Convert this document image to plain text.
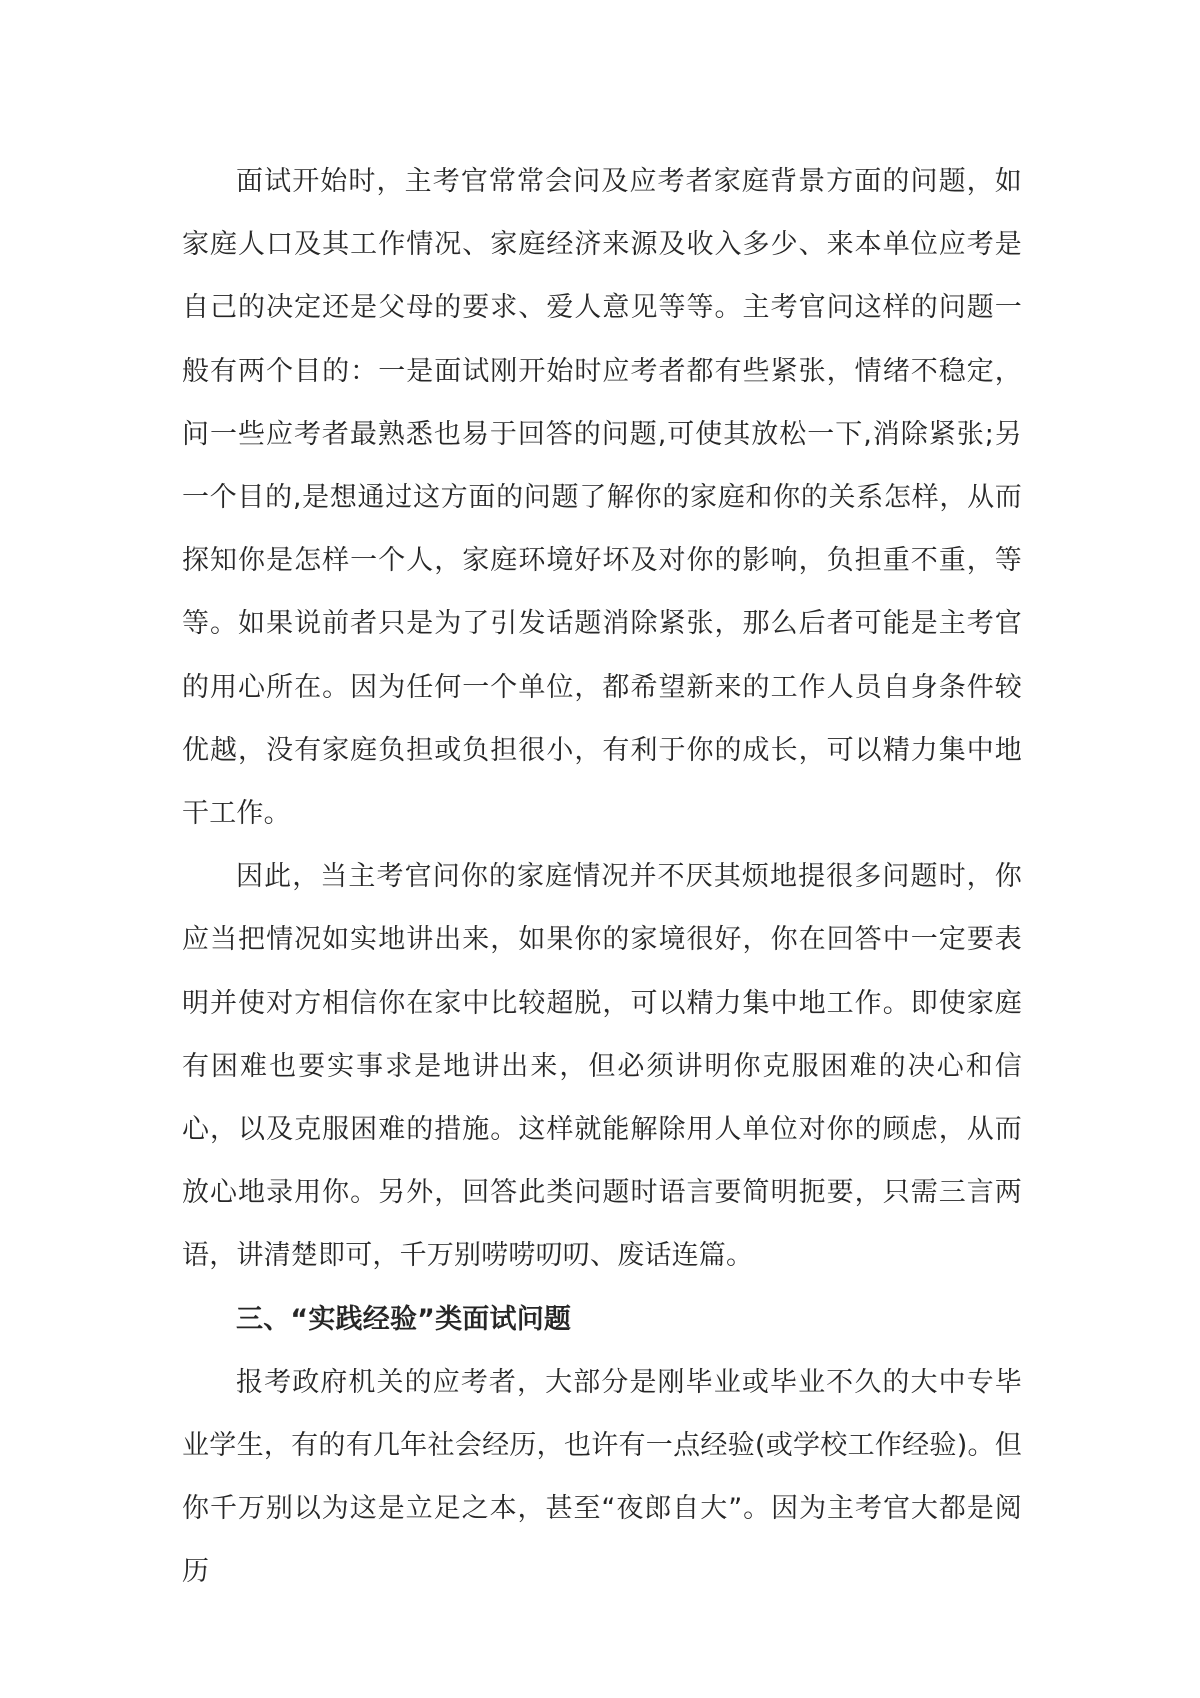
面试开始时，主考官常常会问及应考者家庭背景方面的问题，如家庭人口及其工作情况、家庭经济来源及收入多少、来本单位应考是自己的决定还是父母的要求、爱人意见等等。主考官问这样的问题一般有两个目的：一是面试刚开始时应考者都有些紧张，情绪不稳定，问一些应考者最熟悉也易于回答的问题,可使其放松一下,消除紧张;另一个目的,是想通过这方面的问题了解你的家庭和你的关系怎样，从而探知你是怎样一个人，家庭环境好坏及对你的影响，负担重不重，等等。如果说前者只是为了引发话题消除紧张，那么后者可能是主考官的用心所在。因为任何一个单位，都希望新来的工作人员自身条件较优越，没有家庭负担或负担很小，有利于你的成长，可以精力集中地干工作。

因此，当主考官问你的家庭情况并不厌其烦地提很多问题时，你应当把情况如实地讲出来，如果你的家境很好，你在回答中一定要表明并使对方相信你在家中比较超脱，可以精力集中地工作。即使家庭有困难也要实事求是地讲出来，但必须讲明你克服困难的决心和信心，以及克服困难的措施。这样就能解除用人单位对你的顾虑，从而放心地录用你。另外，回答此类问题时语言要简明扼要，只需三言两语，讲清楚即可，千万别唠唠叨叨、废话连篇。

三、“实践经验”类面试问题

报考政府机关的应考者，大部分是刚毕业或毕业不久的大中专毕业学生，有的有几年社会经历，也许有一点经验(或学校工作经验)。但你千万别以为这是立足之本，甚至“夜郎自大”。因为主考官大都是阅历
